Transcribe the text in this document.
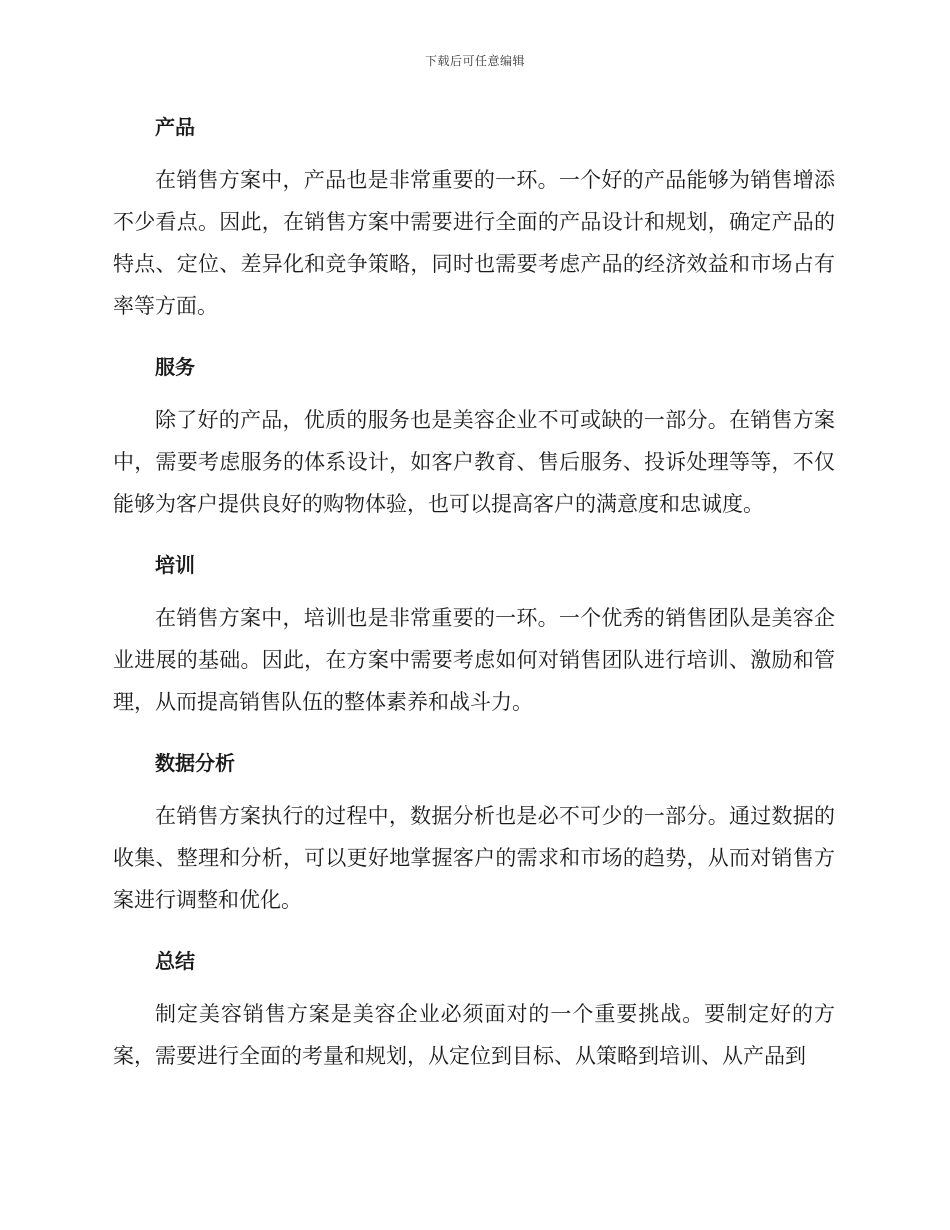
下载后可任意编辑
产品

在销售方案中，产品也是非常重要的一环。一个好的产品能够为销售增添不少看点。因此，在销售方案中需要进行全面的产品设计和规划，确定产品的特点、定位、差异化和竞争策略，同时也需要考虑产品的经济效益和市场占有率等方面。

服务

除了好的产品，优质的服务也是美容企业不可或缺的一部分。在销售方案中，需要考虑服务的体系设计，如客户教育、售后服务、投诉处理等等，不仅能够为客户提供良好的购物体验，也可以提高客户的满意度和忠诚度。

培训

在销售方案中，培训也是非常重要的一环。一个优秀的销售团队是美容企业进展的基础。因此，在方案中需要考虑如何对销售团队进行培训、激励和管理，从而提高销售队伍的整体素养和战斗力。

数据分析

在销售方案执行的过程中，数据分析也是必不可少的一部分。通过数据的收集、整理和分析，可以更好地掌握客户的需求和市场的趋势，从而对销售方案进行调整和优化。

总结

制定美容销售方案是美容企业必须面对的一个重要挑战。要制定好的方案，需要进行全面的考量和规划，从定位到目标、从策略到培训、从产品到
